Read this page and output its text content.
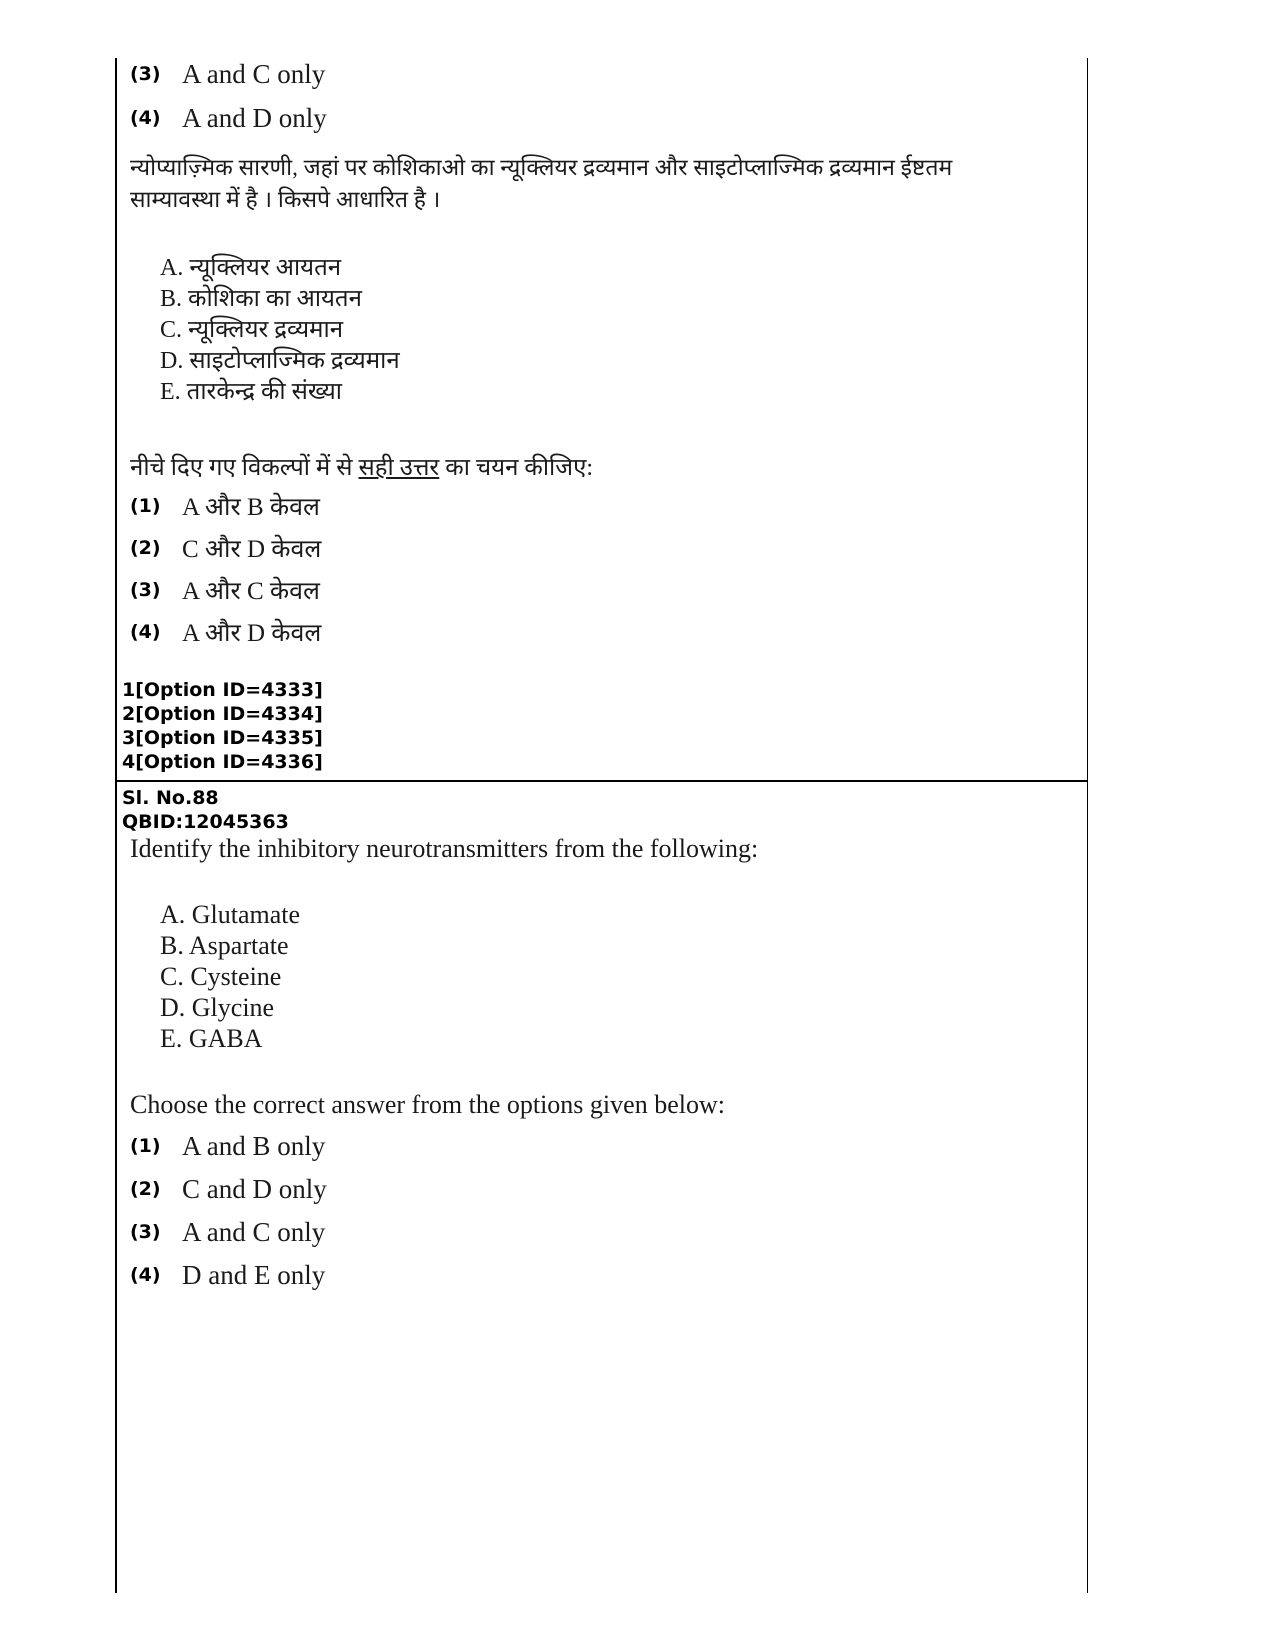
(3) A and C only
(4) A and D only
न्योप्याज़्मिक सारणी, जहां पर कोशिकाओ का न्यूक्लियर द्रव्यमान और साइटोप्लाज्मिक द्रव्यमान ईष्टतम
साम्यावस्था में है । किसपे आधारित है ।
A. न्यूक्लियर आयतन
B. कोशिका का आयतन
C. न्यूक्लियर द्रव्यमान
D. साइटोप्लाज्मिक द्रव्यमान
E. तारकेन्द्र की संख्या
नीचे दिए गए विकल्पों में से सही उत्तर का चयन कीजिए:
(1) A और B केवल
(2) C और D केवल
(3) A और C केवल
(4) A और D केवल
1[Option ID=4333]
2[Option ID=4334]
3[Option ID=4335]
4[Option ID=4336]
Sl. No.88
QBID:12045363
Identify the inhibitory neurotransmitters from the following:
A. Glutamate
B. Aspartate
C. Cysteine
D. Glycine
E. GABA
Choose the correct answer from the options given below:
(1) A and B only
(2) C and D only
(3) A and C only
(4) D and E only
